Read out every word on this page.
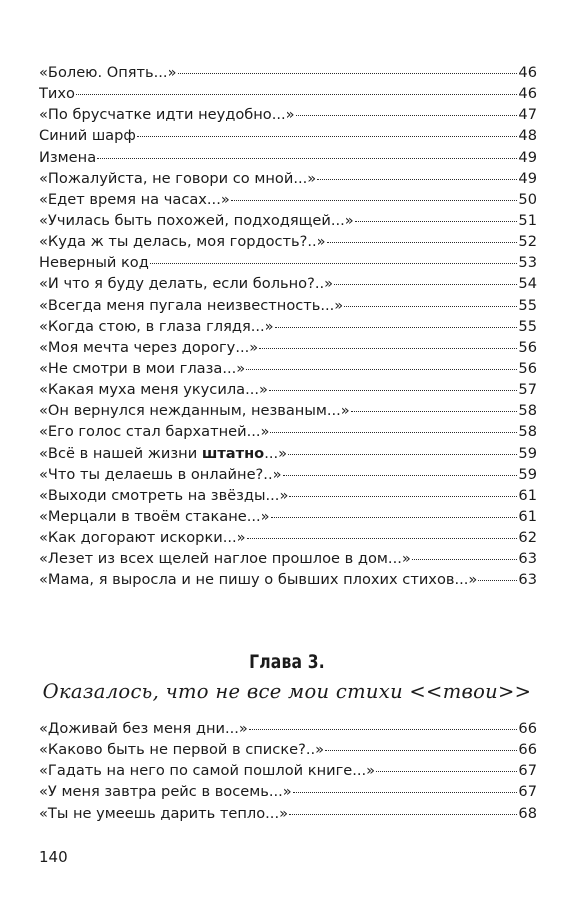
«Болею. Опять...»	46
Тихо	46
«По брусчатке идти неудобно...»	47
Синий шарф	48
Измена	49
«Пожалуйста, не говори со мной...»	49
«Едет время на часах...»	50
«Училась быть похожей, подходящей...»	51
«Куда ж ты делась, моя гордость?..»	52
Неверный код	53
«И что я буду делать, если больно?..»	54
«Всегда меня пугала неизвестность...»	55
«Когда стою, в глаза глядя...»	55
«Моя мечта через дорогу...»	56
«Не смотри в мои глаза...»	56
«Какая муха меня укусила...»	57
«Он вернулся нежданным, незваным...»	58
«Его голос стал бархатней...»	58
«Всё в нашей жизни штатно...»	59
«Что ты делаешь в онлайне?..»	59
«Выходи смотреть на звёзды...»	61
«Мерцали в твоём стакане...»	61
«Как догорают искорки...»	62
«Лезет из всех щелей наглое прошлое в дом...»	63
«Мама, я выросла и не пишу о бывших плохих стихов...»	63
Глава 3.
Оказалось, что не все мои стихи <<твои>>
«Доживай без меня дни...»	66
«Каково быть не первой в списке?..»	66
«Гадать на него по самой пошлой книге...»	67
«У меня завтра рейс в восемь...»	67
«Ты не умеешь дарить тепло...»	68
140
